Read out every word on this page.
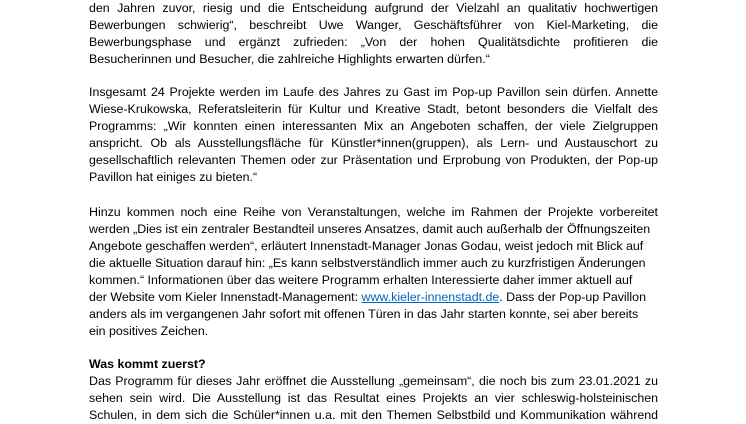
den Jahren zuvor, riesig und die Entscheidung aufgrund der Vielzahl an qualitativ hochwertigen
Bewerbungen schwierig“, beschreibt Uwe Wanger, Geschäftsführer von Kiel-Marketing, die
Bewerbungsphase und ergänzt zufrieden: „Von der hohen Qualitätsdichte profitieren die
Besucherinnen und Besucher, die zahlreiche Highlights erwarten dürfen.“
Insgesamt 24 Projekte werden im Laufe des Jahres zu Gast im Pop-up Pavillon sein dürfen. Annette
Wiese-Krukowska, Referatsleiterin für Kultur und Kreative Stadt, betont besonders die Vielfalt des
Programms: „Wir konnten einen interessanten Mix an Angeboten schaffen, der viele Zielgruppen
anspricht. Ob als Ausstellungsfläche für Künstler*innen(gruppen), als Lern- und Austauschort zu
gesellschaftlich relevanten Themen oder zur Präsentation und Erprobung von Produkten, der Pop-up
Pavillon hat einiges zu bieten.“
Hinzu kommen noch eine Reihe von Veranstaltungen, welche im Rahmen der Projekte vorbereitet
werden „Dies ist ein zentraler Bestandteil unseres Ansatzes, damit auch außerhalb der Öffnungszeiten
Angebote geschaffen werden“, erläutert Innenstadt-Manager Jonas Godau, weist jedoch mit Blick auf
die aktuelle Situation darauf hin: „Es kann selbstverständlich immer auch zu kurzfristigen Änderungen
kommen.“ Informationen über das weitere Programm erhalten Interessierte daher immer aktuell auf
der Website vom Kieler Innenstadt-Management: www.kieler-innenstadt.de. Dass der Pop-up Pavillon
anders als im vergangenen Jahr sofort mit offenen Türen in das Jahr starten konnte, sei aber bereits
ein positives Zeichen.
Was kommt zuerst?
Das Programm für dieses Jahr eröffnet die Ausstellung „gemeinsam“, die noch bis zum 23.01.2021 zu
sehen sein wird. Die Ausstellung ist das Resultat eines Projekts an vier schleswig-holsteinischen
Schulen, in dem sich die Schüler*innen u.a. mit den Themen Selbstbild und Kommunikation während
